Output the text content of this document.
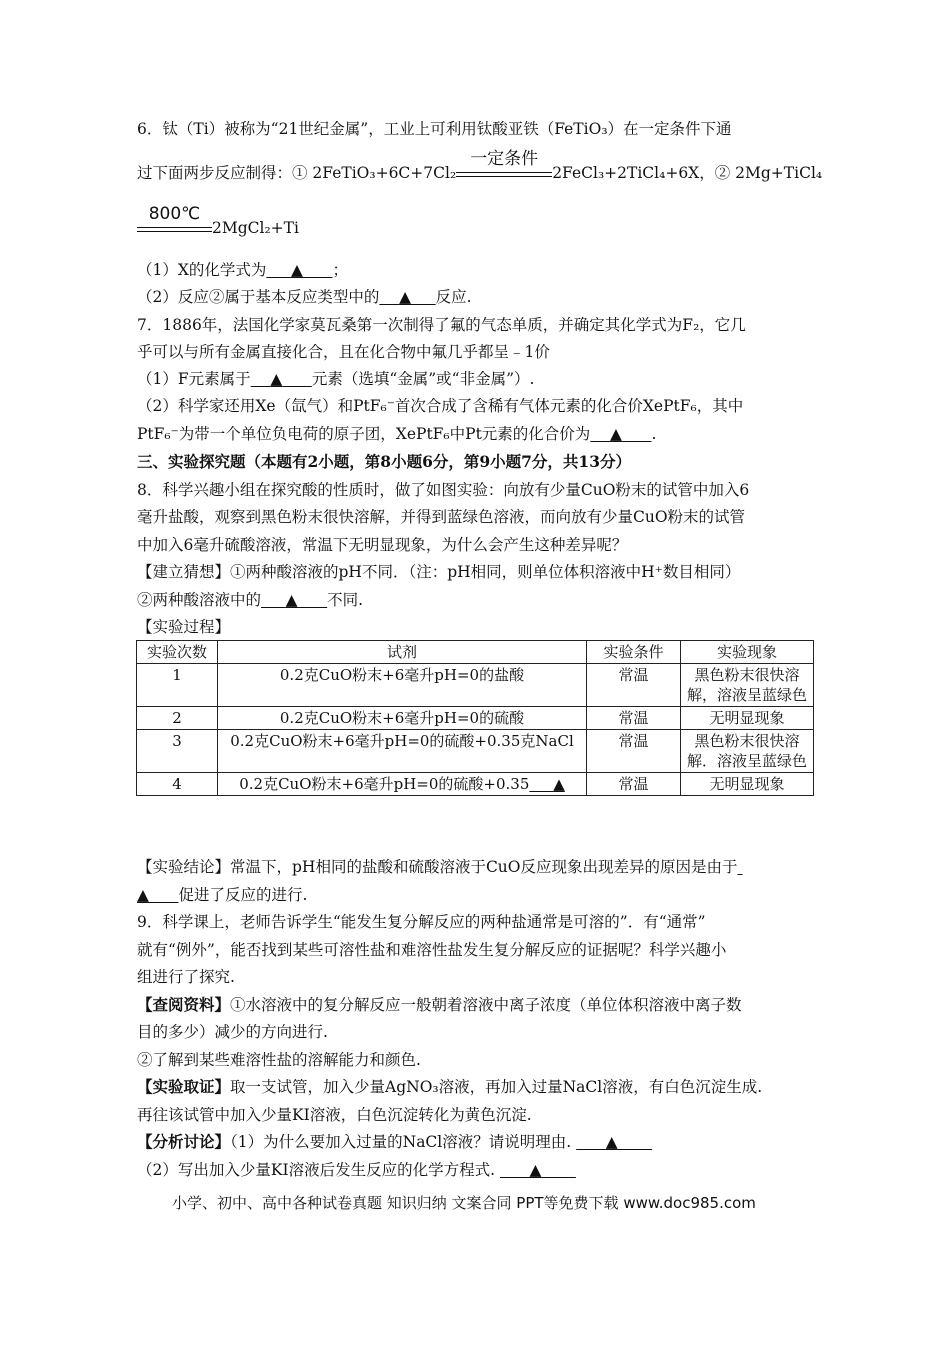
6．钛（Ti）被称为“21世纪金属”，工业上可利用钛酸亚铁（FeTiO₃）在一定条件下通
过下面两步反应制得：① 2FeTiO₃+6C+7Cl₂
一定条件
2FeCl₃+2TiCl₄+6X，② 2Mg+TiCl₄
800℃
2MgCl₂+Ti
（1）X的化学式为 ▲ ；
（2）反应②属于基本反应类型中的 ▲ 反应.
7．1886年，法国化学家莫瓦桑第一次制得了氟的气态单质，并确定其化学式为F₂，它几
乎可以与所有金属直接化合，且在化合物中氟几乎都呈﹣1价
（1）F元素属于 ▲ 元素（选填“金属”或“非金属”）.
（2）科学家还用Xe（氙气）和PtF₆⁻首次合成了含稀有气体元素的化合价XePtF₆，其中
PtF₆⁻为带一个单位负电荷的原子团，XePtF₆中Pt元素的化合价为 ▲ .
三、实验探究题（本题有2小题，第8小题6分，第9小题7分，共13分）
8．科学兴趣小组在探究酸的性质时，做了如图实验：向放有少量CuO粉末的试管中加入6
毫升盐酸，观察到黑色粉末很快溶解，并得到蓝绿色溶液，而向放有少量CuO粉末的试管
中加入6毫升硫酸溶液，常温下无明显现象，为什么会产生这种差异呢？
【建立猜想】①两种酸溶液的pH不同．（注：pH相同，则单位体积溶液中H⁺数目相同）
②两种酸溶液中的 ▲ 不同.
【实验过程】
实验次数	试剂	实验条件	实验现象
1	0.2克CuO粉末+6毫升pH=0的盐酸	常温	黑色粉末很快溶解，溶液呈蓝绿色
2	0.2克CuO粉末+6毫升pH=0的硫酸	常温	无明显现象
3	0.2克CuO粉末+6毫升pH=0的硫酸+0.35克NaCl	常温	黑色粉末很快溶解．溶液呈蓝绿色
4	0.2克CuO粉末+6毫升pH=0的硫酸+0.35 ▲	常温	无明显现象
【实验结论】常温下，pH相同的盐酸和硫酸溶液于CuO反应现象出现差异的原因是由于
▲ 促进了反应的进行.
9．科学课上，老师告诉学生“能发生复分解反应的两种盐通常是可溶的”．有“通常”
就有“例外”，能否找到某些可溶性盐和难溶性盐发生复分解反应的证据呢？科学兴趣小
组进行了探究.
【查阅资料】①水溶液中的复分解反应一般朝着溶液中离子浓度（单位体积溶液中离子数
目的多少）减少的方向进行.
②了解到某些难溶性盐的溶解能力和颜色.
【实验取证】取一支试管，加入少量AgNO₃溶液，再加入过量NaCl溶液，有白色沉淀生成.
再往该试管中加入少量KI溶液，白色沉淀转化为黄色沉淀.
【分析讨论】（1）为什么要加入过量的NaCl溶液？请说明理由. ▲
（2）写出加入少量KI溶液后发生反应的化学方程式. ▲
小学、初中、高中各种试卷真题 知识归纳 文案合同 PPT等免费下载 www.doc985.com
